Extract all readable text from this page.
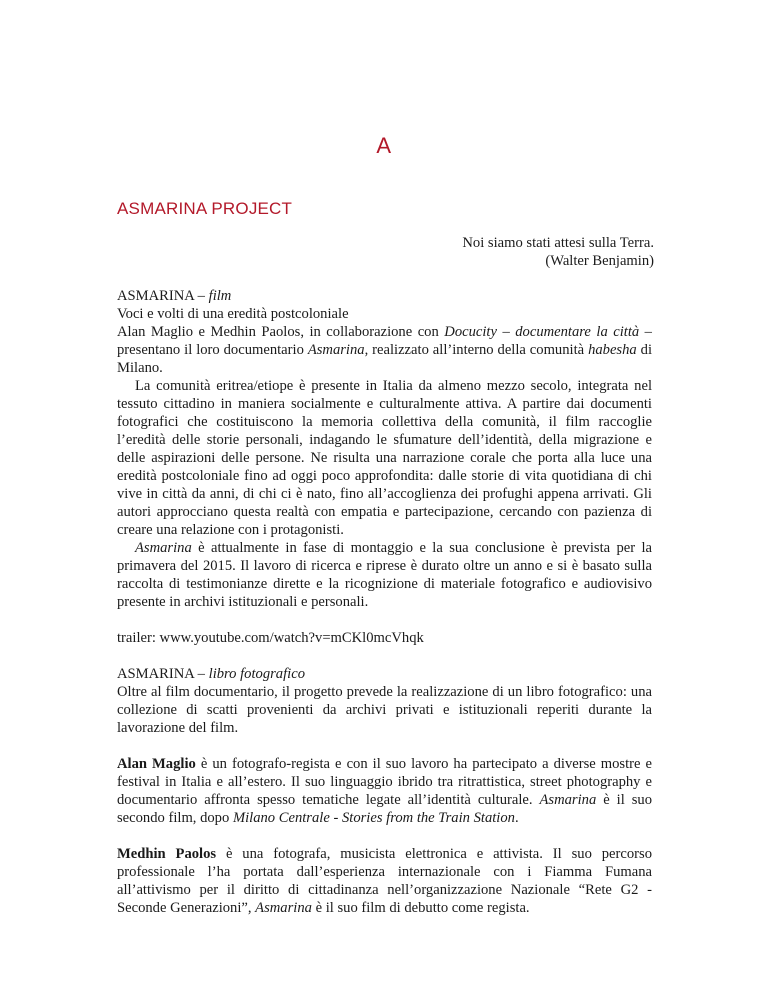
A
ASMARINA PROJECT
Noi siamo stati attesi sulla Terra.
(Walter Benjamin)

ASMARINA – film

Voci e volti di una eredità postcoloniale

Alan Maglio e Medhin Paolos, in collaborazione con Docucity – documentare la città – presentano il loro documentario Asmarina, realizzato all’interno della comunità habesha di Milano.

La comunità eritrea/etiope è presente in Italia da almeno mezzo secolo, integrata nel tessuto cittadino in maniera socialmente e culturalmente attiva. A partire dai documenti fotografici che costituiscono la memoria collettiva della comunità, il film raccoglie l’eredità delle storie personali, indagando le sfumature dell’identità, della migrazione e delle aspirazioni delle persone. Ne risulta una narrazione corale che porta alla luce una eredità postcoloniale fino ad oggi poco approfondita: dalle storie di vita quotidiana di chi vive in città da anni, di chi ci è nato, fino all’accoglienza dei profughi appena arrivati. Gli autori approcciano questa realtà con empatia e partecipazione, cercando con pazienza di creare una relazione con i protagonisti.

Asmarina è attualmente in fase di montaggio e la sua conclusione è prevista per la primavera del 2015. Il lavoro di ricerca e riprese è durato oltre un anno e si è basato sulla raccolta di testimonianze dirette e la ricognizione di materiale fotografico e audiovisivo presente in archivi istituzionali e personali.

trailer: www.youtube.com/watch?v=mCKl0mcVhqk

ASMARINA – libro fotografico

Oltre al film documentario, il progetto prevede la realizzazione di un libro fotografico: una collezione di scatti provenienti da archivi privati e istituzionali reperiti durante la lavorazione del film.

Alan Maglio è un fotografo-regista e con il suo lavoro ha partecipato a diverse mostre e festival in Italia e all’estero. Il suo linguaggio ibrido tra ritrattistica, street photography e documentario affronta spesso tematiche legate all’identità culturale. Asmarina è il suo secondo film, dopo Milano Centrale - Stories from the Train Station.

Medhin Paolos è una fotografa, musicista elettronica e attivista. Il suo percorso professionale l’ha portata dall’esperienza internazionale con i Fiamma Fumana all’attivismo per il diritto di cittadinanza nell’organizzazione Nazionale “Rete G2 - Seconde Generazioni”, Asmarina è il suo film di debutto come regista.
